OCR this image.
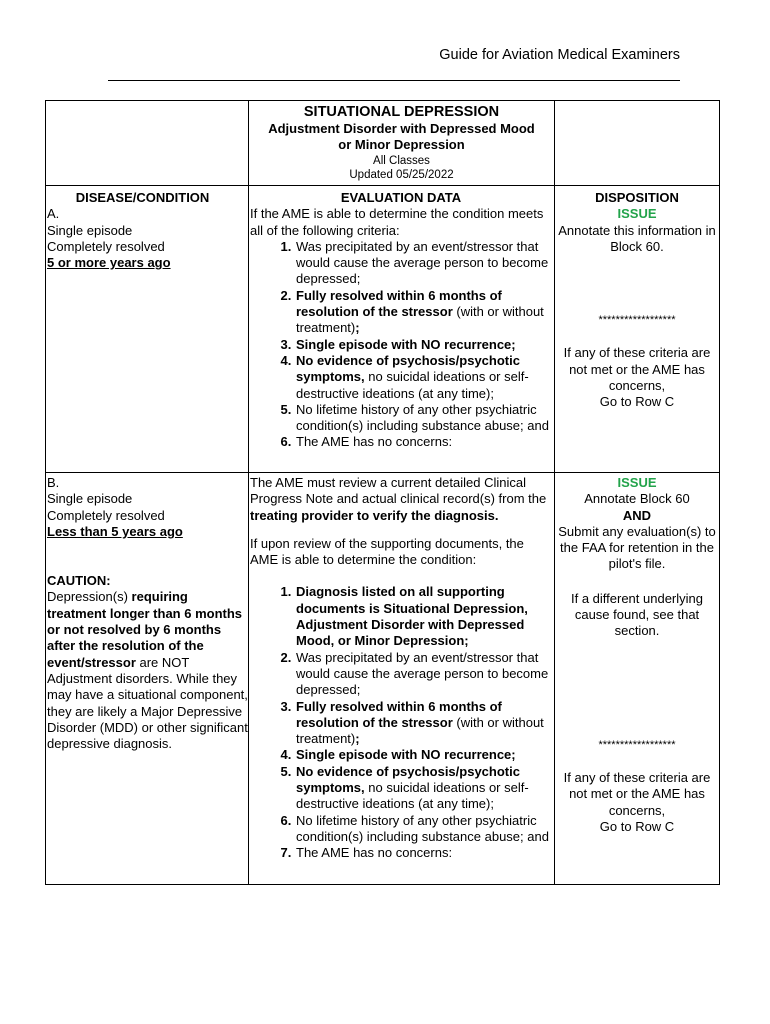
Guide for Aviation Medical Examiners
SITUATIONAL DEPRESSION
Adjustment Disorder with Depressed Mood
or Minor Depression
All Classes
Updated 05/25/2022
DISEASE/CONDITION
A.
Single episode
Completely resolved
5 or more years ago
EVALUATION DATA
If the AME is able to determine the condition meets all of the following criteria:
1. Was precipitated by an event/stressor that would cause the average person to become depressed;
2. Fully resolved within 6 months of resolution of the stressor (with or without treatment);
3. Single episode with NO recurrence;
4. No evidence of psychosis/psychotic symptoms, no suicidal ideations or self-destructive ideations (at any time);
5. No lifetime history of any other psychiatric condition(s) including substance abuse; and
6. The AME has no concerns:
DISPOSITION
ISSUE
Annotate this information in Block 60.
******************
If any of these criteria are not met or the AME has concerns,
Go to Row C
B.
Single episode
Completely resolved
Less than 5 years ago
CAUTION:
Depression(s) requiring treatment longer than 6 months or not resolved by 6 months after the resolution of the event/stressor are NOT Adjustment disorders. While they may have a situational component, they are likely a Major Depressive Disorder (MDD) or other significant depressive diagnosis.
The AME must review a current detailed Clinical Progress Note and actual clinical record(s) from the treating provider to verify the diagnosis.
If upon review of the supporting documents, the AME is able to determine the condition:
1. Diagnosis listed on all supporting documents is Situational Depression, Adjustment Disorder with Depressed Mood, or Minor Depression;
2. Was precipitated by an event/stressor that would cause the average person to become depressed;
3. Fully resolved within 6 months of resolution of the stressor (with or without treatment);
4. Single episode with NO recurrence;
5. No evidence of psychosis/psychotic symptoms, no suicidal ideations or self-destructive ideations (at any time);
6. No lifetime history of any other psychiatric condition(s) including substance abuse; and
7. The AME has no concerns:
ISSUE
Annotate Block 60
AND
Submit any evaluation(s) to the FAA for retention in the pilot's file.
If a different underlying cause found, see that section.
******************
If any of these criteria are not met or the AME has concerns,
Go to Row C
